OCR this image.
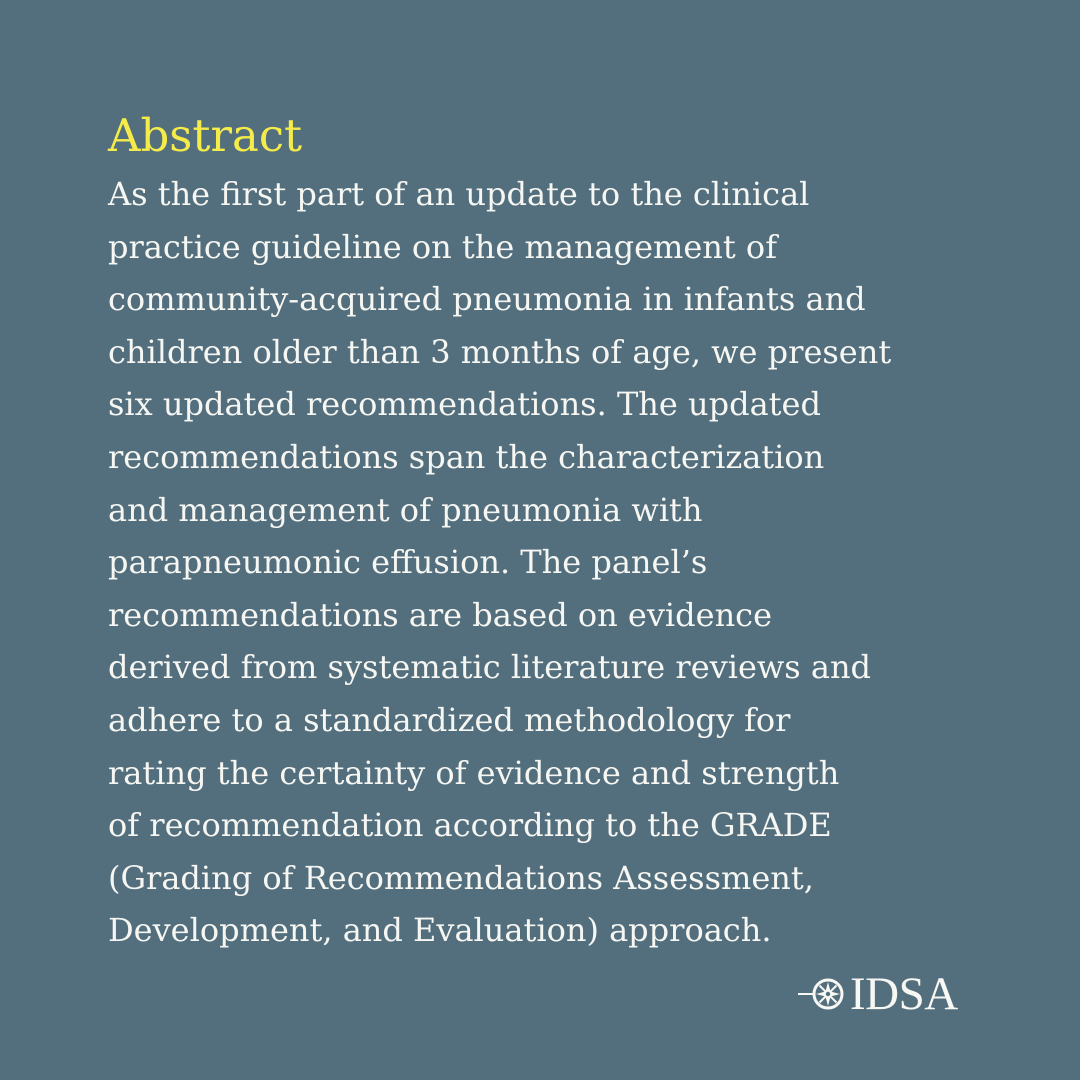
Abstract

As the first part of an update to the clinical
practice guideline on the management of
community-acquired pneumonia in infants and
children older than 3 months of age, we present
six updated recommendations. The updated
recommendations span the characterization
and management of pneumonia with
parapneumonic effusion. The panel’s
recommendations are based on evidence
derived from systematic literature reviews and
adhere to a standardized methodology for
rating the certainty of evidence and strength
of recommendation according to the GRADE
(Grading of Recommendations Assessment,
Development, and Evaluation) approach.

IDSA
